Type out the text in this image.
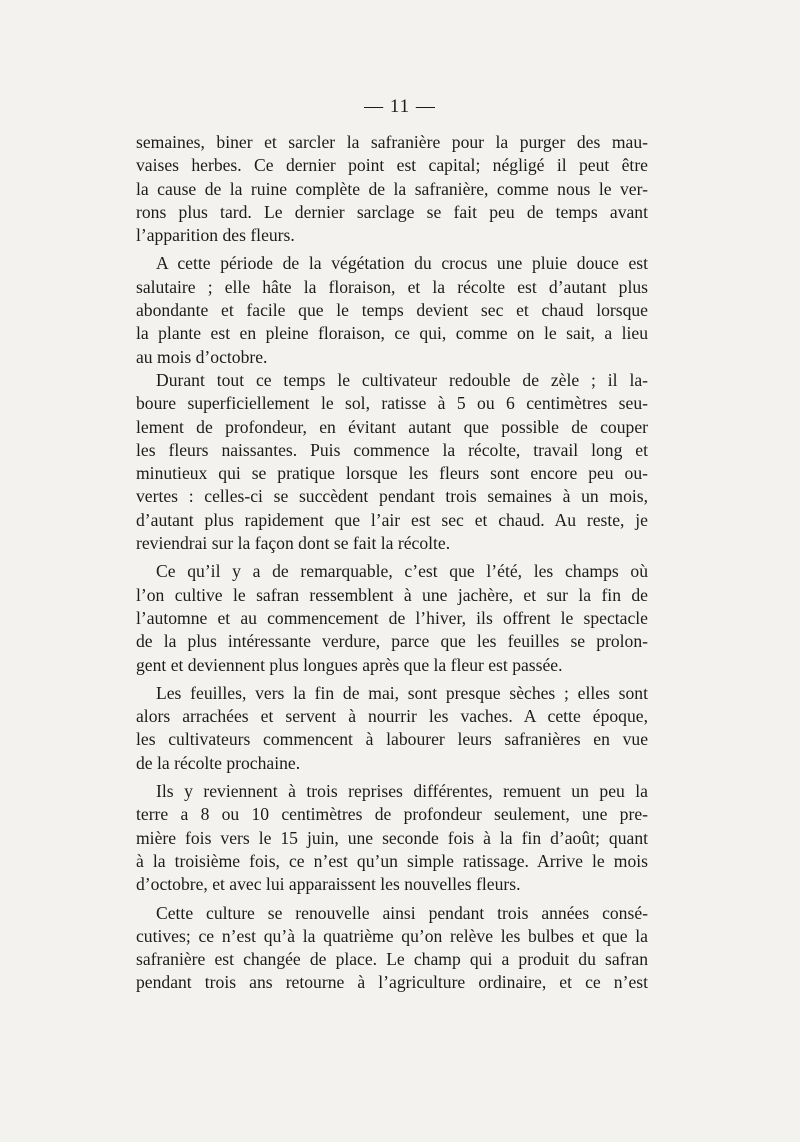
— 11 —
semaines, biner et sarcler la safranière pour la purger des mau-
vaises herbes. Ce dernier point est capital; négligé il peut être
la cause de la ruine complète de la safranière, comme nous le ver-
rons plus tard. Le dernier sarclage se fait peu de temps avant
l’apparition des fleurs.
A cette période de la végétation du crocus une pluie douce est
salutaire ; elle hâte la floraison, et la récolte est d’autant plus
abondante et facile que le temps devient sec et chaud lorsque
la plante est en pleine floraison, ce qui, comme on le sait, a lieu
au mois d’octobre.
Durant tout ce temps le cultivateur redouble de zèle ; il la-
boure superficiellement le sol, ratisse à 5 ou 6 centimètres seu-
lement de profondeur, en évitant autant que possible de couper
les fleurs naissantes. Puis commence la récolte, travail long et
minutieux qui se pratique lorsque les fleurs sont encore peu ou-
vertes : celles-ci se succèdent pendant trois semaines à un mois,
d’autant plus rapidement que l’air est sec et chaud. Au reste, je
reviendrai sur la façon dont se fait la récolte.
Ce qu’il y a de remarquable, c’est que l’été, les champs où
l’on cultive le safran ressemblent à une jachère, et sur la fin de
l’automne et au commencement de l’hiver, ils offrent le spectacle
de la plus intéressante verdure, parce que les feuilles se prolon-
gent et deviennent plus longues après que la fleur est passée.
Les feuilles, vers la fin de mai, sont presque sèches ; elles sont
alors arrachées et servent à nourrir les vaches. A cette époque,
les cultivateurs commencent à labourer leurs safranières en vue
de la récolte prochaine.
Ils y reviennent à trois reprises différentes, remuent un peu la
terre a 8 ou 10 centimètres de profondeur seulement, une pre-
mière fois vers le 15 juin, une seconde fois à la fin d’août; quant
à la troisième fois, ce n’est qu’un simple ratissage. Arrive le mois
d’octobre, et avec lui apparaissent les nouvelles fleurs.
Cette culture se renouvelle ainsi pendant trois années consé-
cutives; ce n’est qu’à la quatrième qu’on relève les bulbes et que la
safranière est changée de place. Le champ qui a produit du safran
pendant trois ans retourne à l’agriculture ordinaire, et ce n’est
